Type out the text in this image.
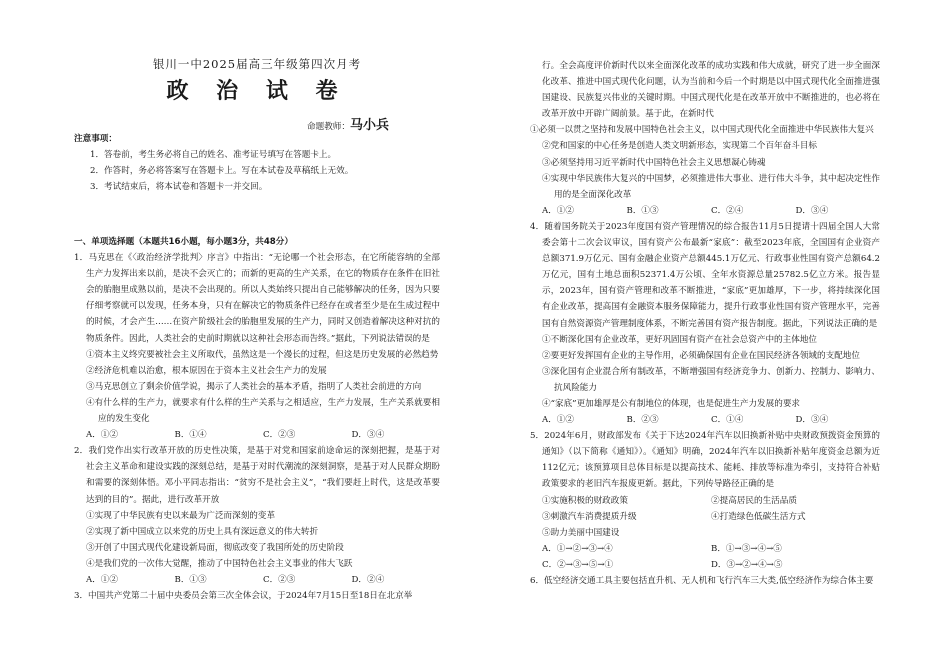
银川一中2025届高三年级第四次月考
政 治 试 卷
命题教师：马小兵

注意事项：

1．答卷前，考生务必将自己的姓名、准考证号填写在答题卡上。

2．作答时，务必将答案写在答题卡上。写在本试卷及草稿纸上无效。

3．考试结束后，将本试卷和答题卡一并交回。

一、单项选择题（本题共16小题，每小题3分，共48分）

1．马克思在《〈政治经济学批判〉序言》中指出：“无论哪一个社会形态，在它所能容纳的全部生产力发挥出来以前，是决不会灭亡的；而新的更高的生产关系，在它的物质存在条件在旧社会的胎胞里成熟以前，是决不会出现的。所以人类始终只提出自己能够解决的任务，因为只要仔细考察就可以发现，任务本身，只有在解决它的物质条件已经存在或者至少是在生成过程中的时候，才会产生……在资产阶级社会的胎胞里发展的生产力，同时又创造着解决这种对抗的物质条件。因此，人类社会的史前时期就以这种社会形态而告终。”据此，下列说法错误的是

①资本主义终究要被社会主义所取代，虽然这是一个漫长的过程，但这是历史发展的必然趋势

②经济危机难以治愈，根本原因在于资本主义社会生产力的发展

③马克思创立了剩余价值学说，揭示了人类社会的基本矛盾，指明了人类社会前进的方向

④有什么样的生产力，就要求有什么样的生产关系与之相适应，生产力发展，生产关系就要相应的发生变化

A．①②	B．①④	C．②③	D．③④

2．我们党作出实行改革开放的历史性决策，是基于对党和国家前途命运的深刻把握，是基于对社会主义革命和建设实践的深刻总结，是基于对时代潮流的深刻洞察，是基于对人民群众期盼和需要的深刻体悟。邓小平同志指出：“贫穷不是社会主义”，“我们要赶上时代，这是改革要达到的目的”。据此，进行改革开放

①实现了中华民族有史以来最为广泛而深刻的变革

②实现了新中国成立以来党的历史上具有深远意义的伟大转折

③开创了中国式现代化建设新局面，彻底改变了我国所处的历史阶段

④是我们党的一次伟大觉醒，推动了中国特色社会主义事业的伟大飞跃

A．①②	B．①③	C．②③	D．②④

3．中国共产党第二十届中央委员会第三次全体会议，于2024年7月15日至18日在北京举

行。全会高度评价新时代以来全面深化改革的成功实践和伟大成就，研究了进一步全面深化改革、推进中国式现代化问题，认为当前和今后一个时期是以中国式现代化全面推进强国建设、民族复兴伟业的关键时期。中国式现代化是在改革开放中不断推进的，也必将在改革开放中开辟广阔前景。基于此，在新时代

①必须一以贯之坚持和发展中国特色社会主义，以中国式现代化全面推进中华民族伟大复兴

②党和国家的中心任务是创造人类文明新形态，实现第二个百年奋斗目标

③必须坚持用习近平新时代中国特色社会主义思想凝心铸魂

④实现中华民族伟大复兴的中国梦，必须推进伟大事业、进行伟大斗争，其中起决定性作用的是全面深化改革

A．①②	B．①③	C．②④	D．③④

4．随着国务院关于2023年度国有资产管理情况的综合报告11月5日提请十四届全国人大常委会第十二次会议审议，国有资产公布最新“家底”：截至2023年底，全国国有企业资产总额371.9万亿元、国有金融企业资产总额445.1万亿元、行政事业性国有资产总额64.2万亿元，国有土地总面积52371.4万公顷、全年水资源总量25782.5亿立方米。报告显示，2023年，国有资产管理和改革不断推进，“家底”更加雄厚，下一步，将持续深化国有企业改革，提高国有金融资本服务保障能力，提升行政事业性国有资产管理水平，完善国有自然资源资产管理制度体系，不断完善国有资产报告制度。据此，下列说法正确的是

①不断深化国有企业改革，更好巩固国有资产在社会总资产中的主体地位

②要更好发挥国有企业的主导作用，必须确保国有企业在国民经济各领域的支配地位

③深化国有企业混合所有制改革，不断增强国有经济竞争力、创新力、控制力、影响力、抗风险能力

④“家底”更加雄厚是公有制地位的体现，也是促进生产力发展的要求

A．①②	B．②③	C．①④	D．③④

5．2024年6月，财政部发布《关于下达2024年汽车以旧换新补贴中央财政预拨资金预算的通知》（以下简称《通知》）。《通知》明确，2024年汽车以旧换新补贴年度资金总额为近112亿元；该预算项目总体目标是以提高技术、能耗、排放等标准为牵引，支持符合补贴政策要求的老旧汽车报废更新。据此，下列传导路径正确的是

①实施积极的财政政策	②提高居民的生活品质
③刺激汽车消费提质升级	④打造绿色低碳生活方式

⑤助力美丽中国建设

A．①→②→③→④	B．①→③→④→⑤
C．②→③→⑤→①	D．③→②→④→⑤

6．低空经济交通工具主要包括直升机、无人机和飞行汽车三大类,低空经济作为综合体主要
